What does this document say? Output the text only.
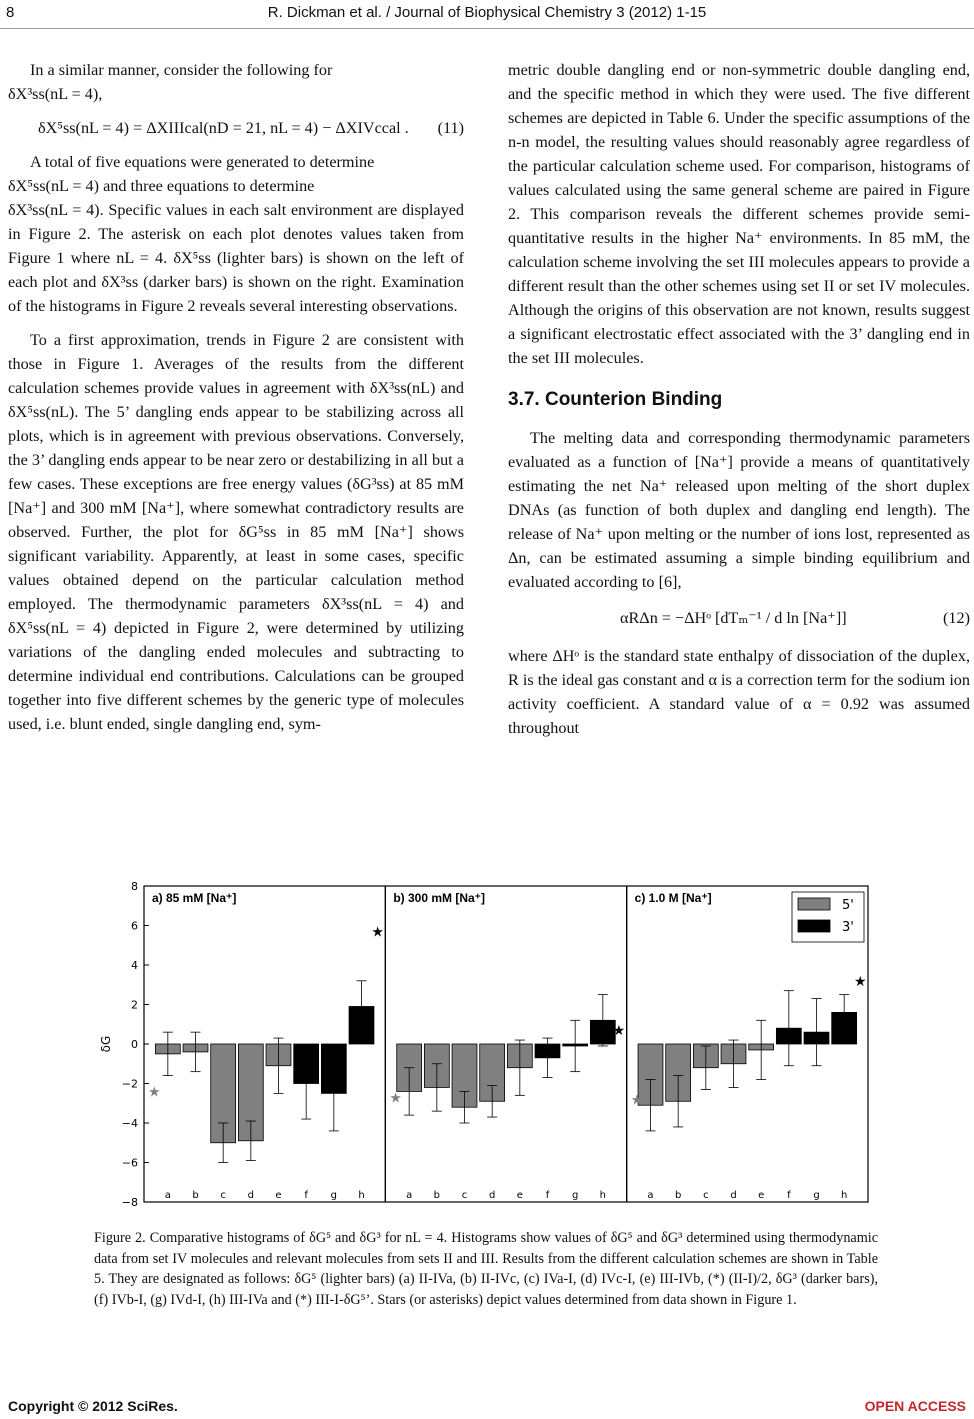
8	R. Dickman et al. / Journal of Biophysical Chemistry 3 (2012) 1-15

In a similar manner, consider the following for
δX³ss(nL = 4),

δX⁵ss(nL = 4) = ΔXIIIcal(nD = 21, nL = 4) − ΔXIVccal .	(11)

A total of five equations were generated to determine
δX⁵ss(nL = 4) and three equations to determine
δX³ss(nL = 4). Specific values in each salt environment are displayed in Figure 2. The asterisk on each plot denotes values taken from Figure 1 where nL = 4. δX⁵ss (lighter bars) is shown on the left of each plot and δX³ss (darker bars) is shown on the right. Examination of the histograms in Figure 2 reveals several interesting observations.

To a first approximation, trends in Figure 2 are consistent with those in Figure 1. Averages of the results from the different calculation schemes provide values in agreement with δX³ss(nL) and δX⁵ss(nL). The 5’ dangling ends appear to be stabilizing across all plots, which is in agreement with previous observations. Conversely, the 3’ dangling ends appear to be near zero or destabilizing in all but a few cases. These exceptions are free energy values (δG³ss) at 85 mM [Na⁺] and 300 mM [Na⁺], where somewhat contradictory results are observed. Further, the plot for δG⁵ss in 85 mM [Na⁺] shows significant variability. Apparently, at least in some cases, specific values obtained depend on the particular calculation method employed. The thermodynamic parameters δX³ss(nL = 4) and δX⁵ss(nL = 4) depicted in Figure 2, were determined by utilizing variations of the dangling ended molecules and subtracting to determine individual end contributions. Calculations can be grouped together into five different schemes by the generic type of molecules used, i.e. blunt ended, single dangling end, sym-

metric double dangling end or non-symmetric double dangling end, and the specific method in which they were used. The five different schemes are depicted in Table 6. Under the specific assumptions of the n-n model, the resulting values should reasonably agree regardless of the particular calculation scheme used. For comparison, histograms of values calculated using the same general scheme are paired in Figure 2. This comparison reveals the different schemes provide semi-quantitative results in the higher Na⁺ environments. In 85 mM, the calculation scheme involving the set III molecules appears to provide a different result than the other schemes using set II or set IV molecules. Although the origins of this observation are not known, results suggest a significant electrostatic effect associated with the 3’ dangling end in the set III molecules.

3.7. Counterion Binding

The melting data and corresponding thermodynamic parameters evaluated as a function of [Na⁺] provide a means of quantitatively estimating the net Na⁺ released upon melting of the short duplex DNAs (as function of both duplex and dangling end length). The release of Na⁺ upon melting or the number of ions lost, represented as Δn, can be estimated assuming a simple binding equilibrium and evaluated according to [6],

αRΔn = −ΔHᵒ [dTₘ⁻¹ / d ln [Na⁺]]	(12)

where ΔHᵒ is the standard state enthalpy of dissociation of the duplex, R is the ideal gas constant and α is a correction term for the sodium ion activity coefficient. A standard value of α = 0.92 was assumed throughout

δG
8
6
4
2
0
−2
−4
−6
−8
a) 85 mM [Na⁺]
a b c d e f g h
★
★
b) 300 mM [Na⁺]
a b c d e f g h
★
★
c) 1.0 M [Na⁺]
a b c d e f g h
★
★
5'
3'
Figure 2. Comparative histograms of δG⁵ and δG³ for nL = 4. Histograms show values of δG⁵ and δG³ determined using thermodynamic data from set IV molecules and relevant molecules from sets II and III. Results from the different calculation schemes are shown in Table 5. They are designated as follows: δG⁵ (lighter bars) (a) II-IVa, (b) II-IVc, (c) IVa-I, (d) IVc-I, (e) III-IVb, (*) (II-I)/2, δG³ (darker bars), (f) IVb-I, (g) IVd-I, (h) III-IVa and (*) III-I-δG⁵’. Stars (or asterisks) depict values determined from data shown in Figure 1.
Copyright © 2012 SciRes.	OPEN ACCESS
